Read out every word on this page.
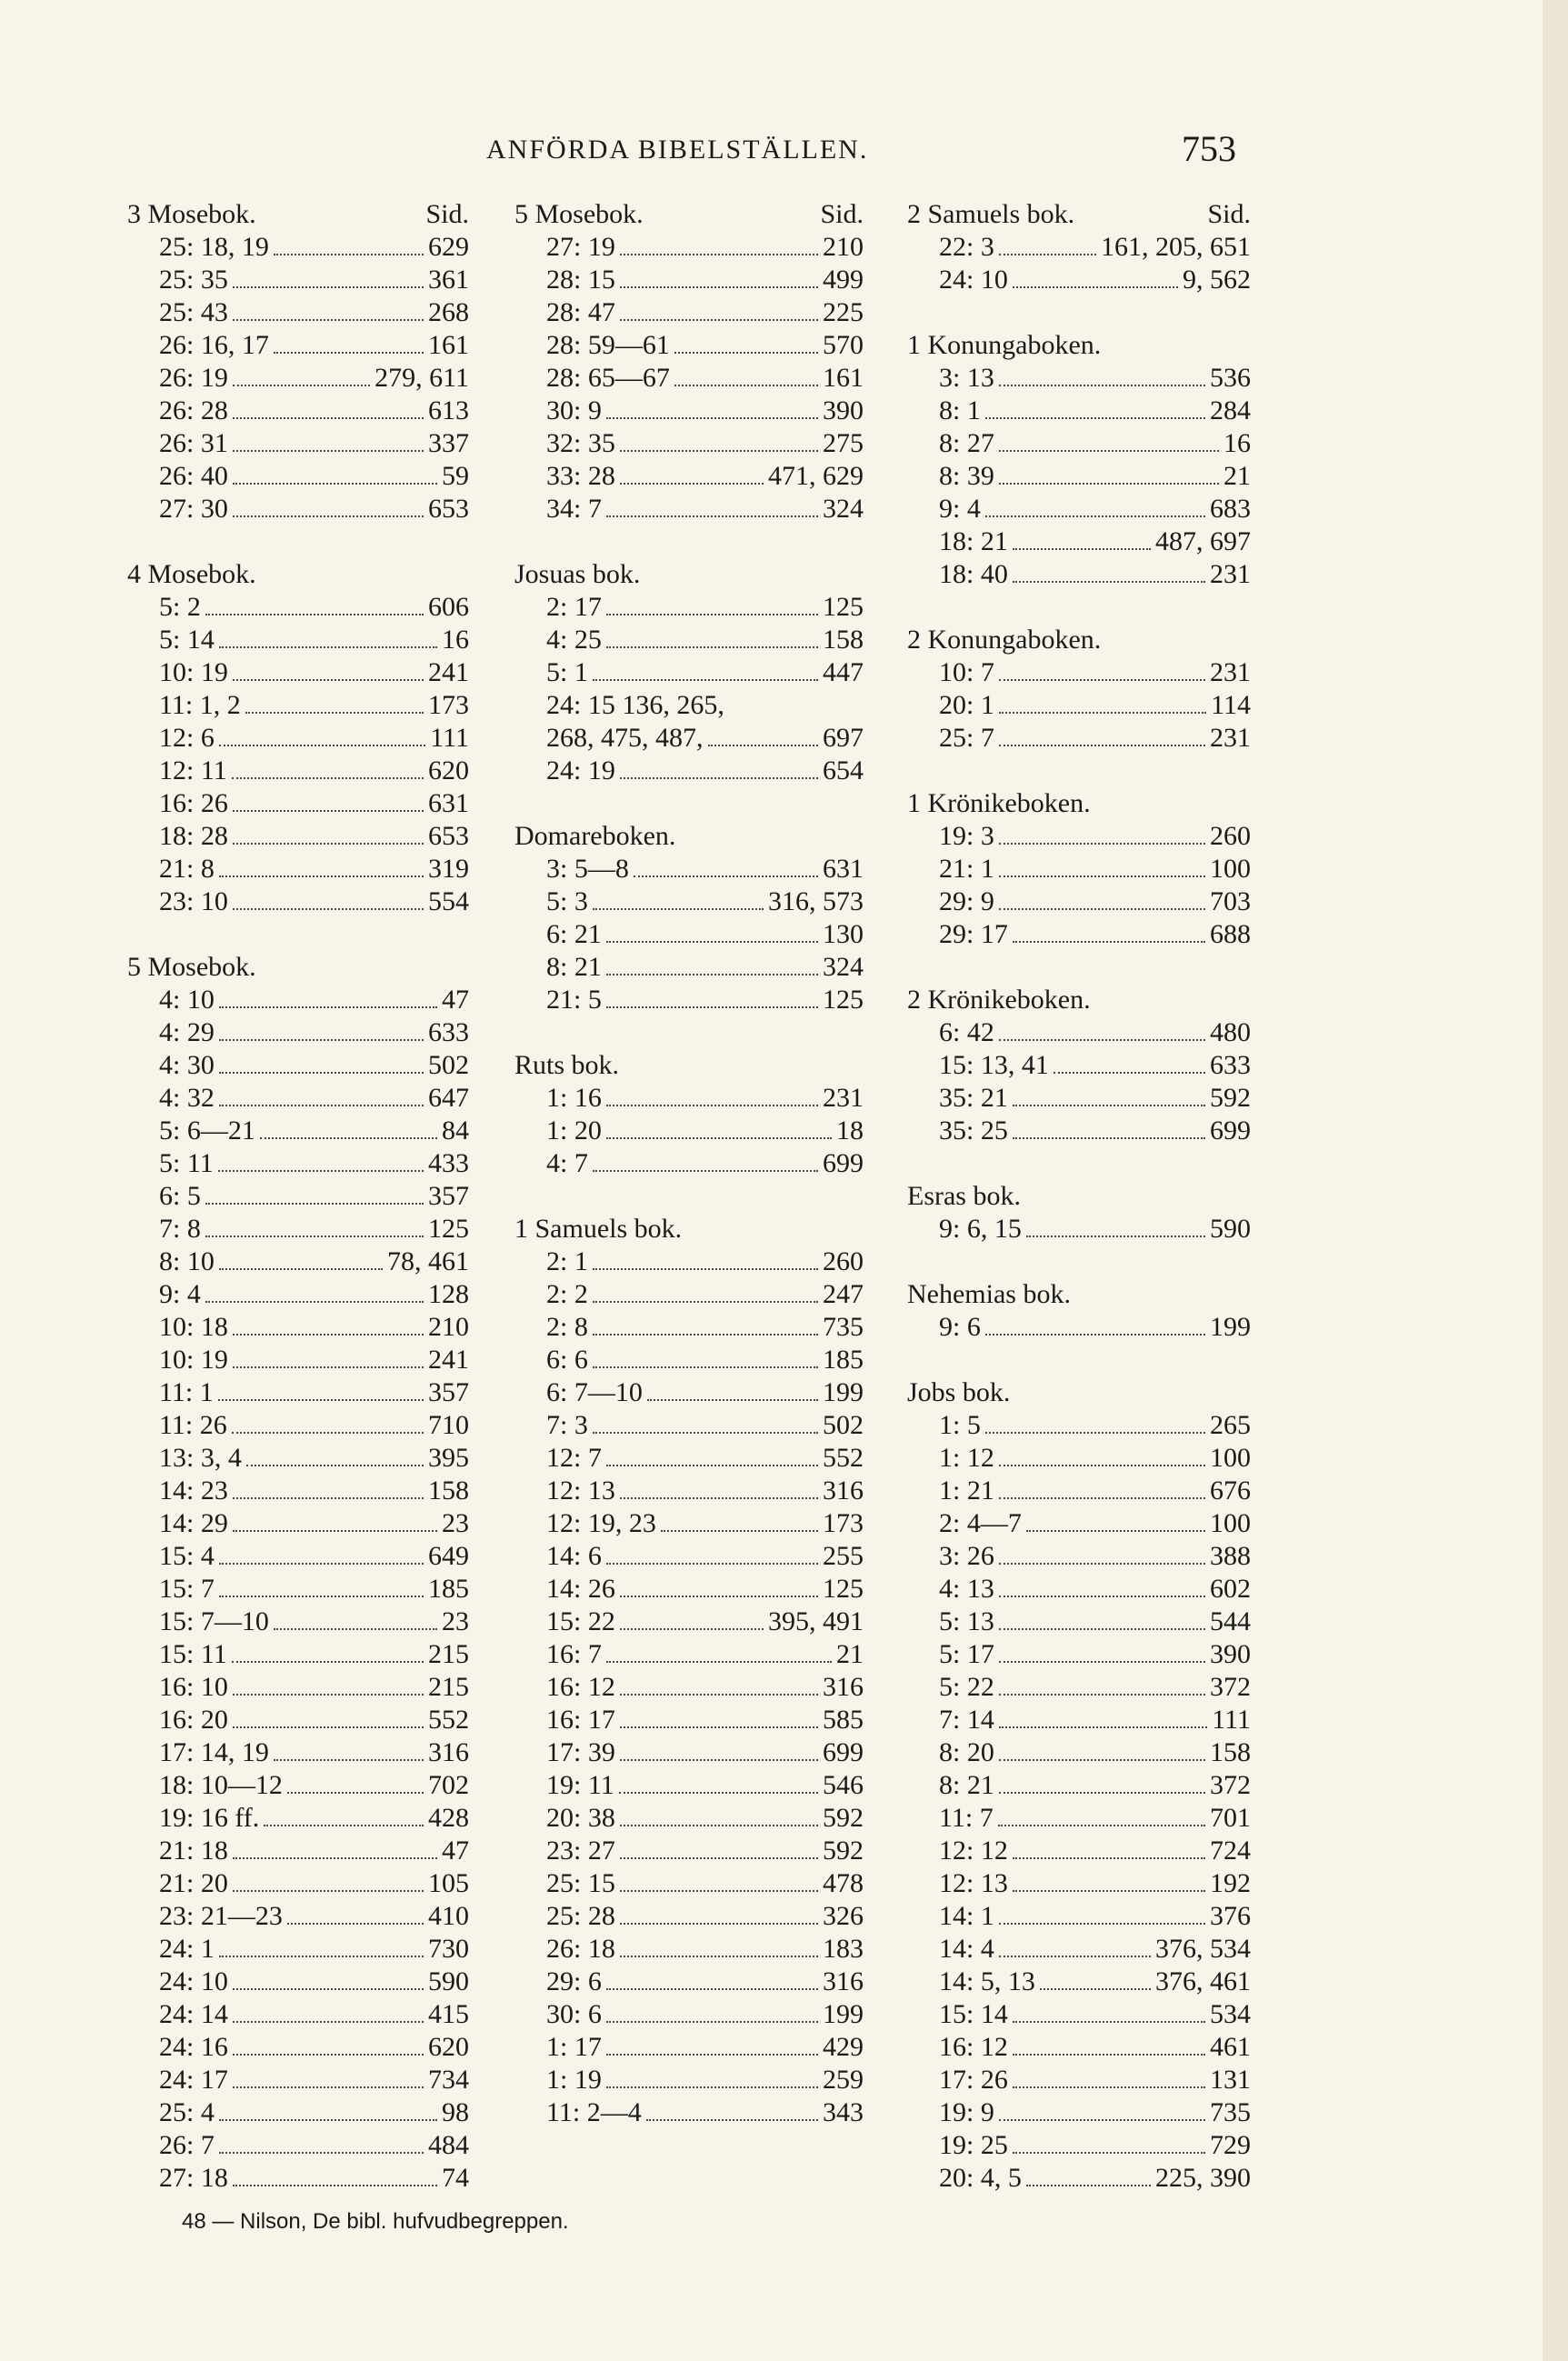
ANFÖRDA BIBELSTÄLLEN.	753
3 Mosebok.	Sid.
25: 18, 19	629
25: 35	361
25: 43	268
26: 16, 17	161
26: 19	279, 611
26: 28	613
26: 31	337
26: 40	59
27: 30	653
4 Mosebok.
5: 2	606
5: 14	16
10: 19	241
11: 1, 2	173
12: 6	111
12: 11	620
16: 26	631
18: 28	653
21: 8	319
23: 10	554
5 Mosebok.
4: 10	47
4: 29	633
4: 30	502
4: 32	647
5: 6—21	84
5: 11	433
6: 5	357
7: 8	125
8: 10	78, 461
9: 4	128
10: 18	210
10: 19	241
11: 1	357
11: 26	710
13: 3, 4	395
14: 23	158
14: 29	23
15: 4	649
15: 7	185
15: 7—10	23
15: 11	215
16: 10	215
16: 20	552
17: 14, 19	316
18: 10—12	702
19: 16 ff.	428
21: 18	47
21: 20	105
23: 21—23	410
24: 1	730
24: 10	590
24: 14	415
24: 16	620
24: 17	734
25: 4	98
26: 7	484
27: 18	74
5 Mosebok.	Sid.
27: 19	210
28: 15	499
28: 47	225
28: 59—61	570
28: 65—67	161
30: 9	390
32: 35	275
33: 28	471, 629
34: 7	324
Josuas bok.
2: 17	125
4: 25	158
5: 1	447
24: 15 136, 265,
268, 475, 487,	697
24: 19	654
Domareboken.
3: 5—8	631
5: 3	316, 573
6: 21	130
8: 21	324
21: 5	125
Ruts bok.
1: 16	231
1: 20	18
4: 7	699
1 Samuels bok.
2: 1	260
2: 2	247
2: 8	735
6: 6	185
6: 7—10	199
7: 3	502
12: 7	552
12: 13	316
12: 19, 23	173
14: 6	255
14: 26	125
15: 22	395, 491
16: 7	21
16: 12	316
16: 17	585
17: 39	699
19: 11	546
20: 38	592
23: 27	592
25: 15	478
25: 28	326
26: 18	183
29: 6	316
30: 6	199
1: 17	429
1: 19	259
11: 2—4	343
2 Samuels bok.	Sid.
22: 3	161, 205, 651
24: 10	9, 562
1 Konungaboken.
3: 13	536
8: 1	284
8: 27	16
8: 39	21
9: 4	683
18: 21	487, 697
18: 40	231
2 Konungaboken.
10: 7	231
20: 1	114
25: 7	231
1 Krönikeboken.
19: 3	260
21: 1	100
29: 9	703
29: 17	688
2 Krönikeboken.
6: 42	480
15: 13, 41	633
35: 21	592
35: 25	699
Esras bok.
9: 6, 15	590
Nehemias bok.
9: 6	199
Jobs bok.
1: 5	265
1: 12	100
1: 21	676
2: 4—7	100
3: 26	388
4: 13	602
5: 13	544
5: 17	390
5: 22	372
7: 14	111
8: 20	158
8: 21	372
11: 7	701
12: 12	724
12: 13	192
14: 1	376
14: 4	376, 534
14: 5, 13	376, 461
15: 14	534
16: 12	461
17: 26	131
19: 9	735
19: 25	729
20: 4, 5	225, 390
48 — Nilson, De bibl. hufvudbegreppen.
